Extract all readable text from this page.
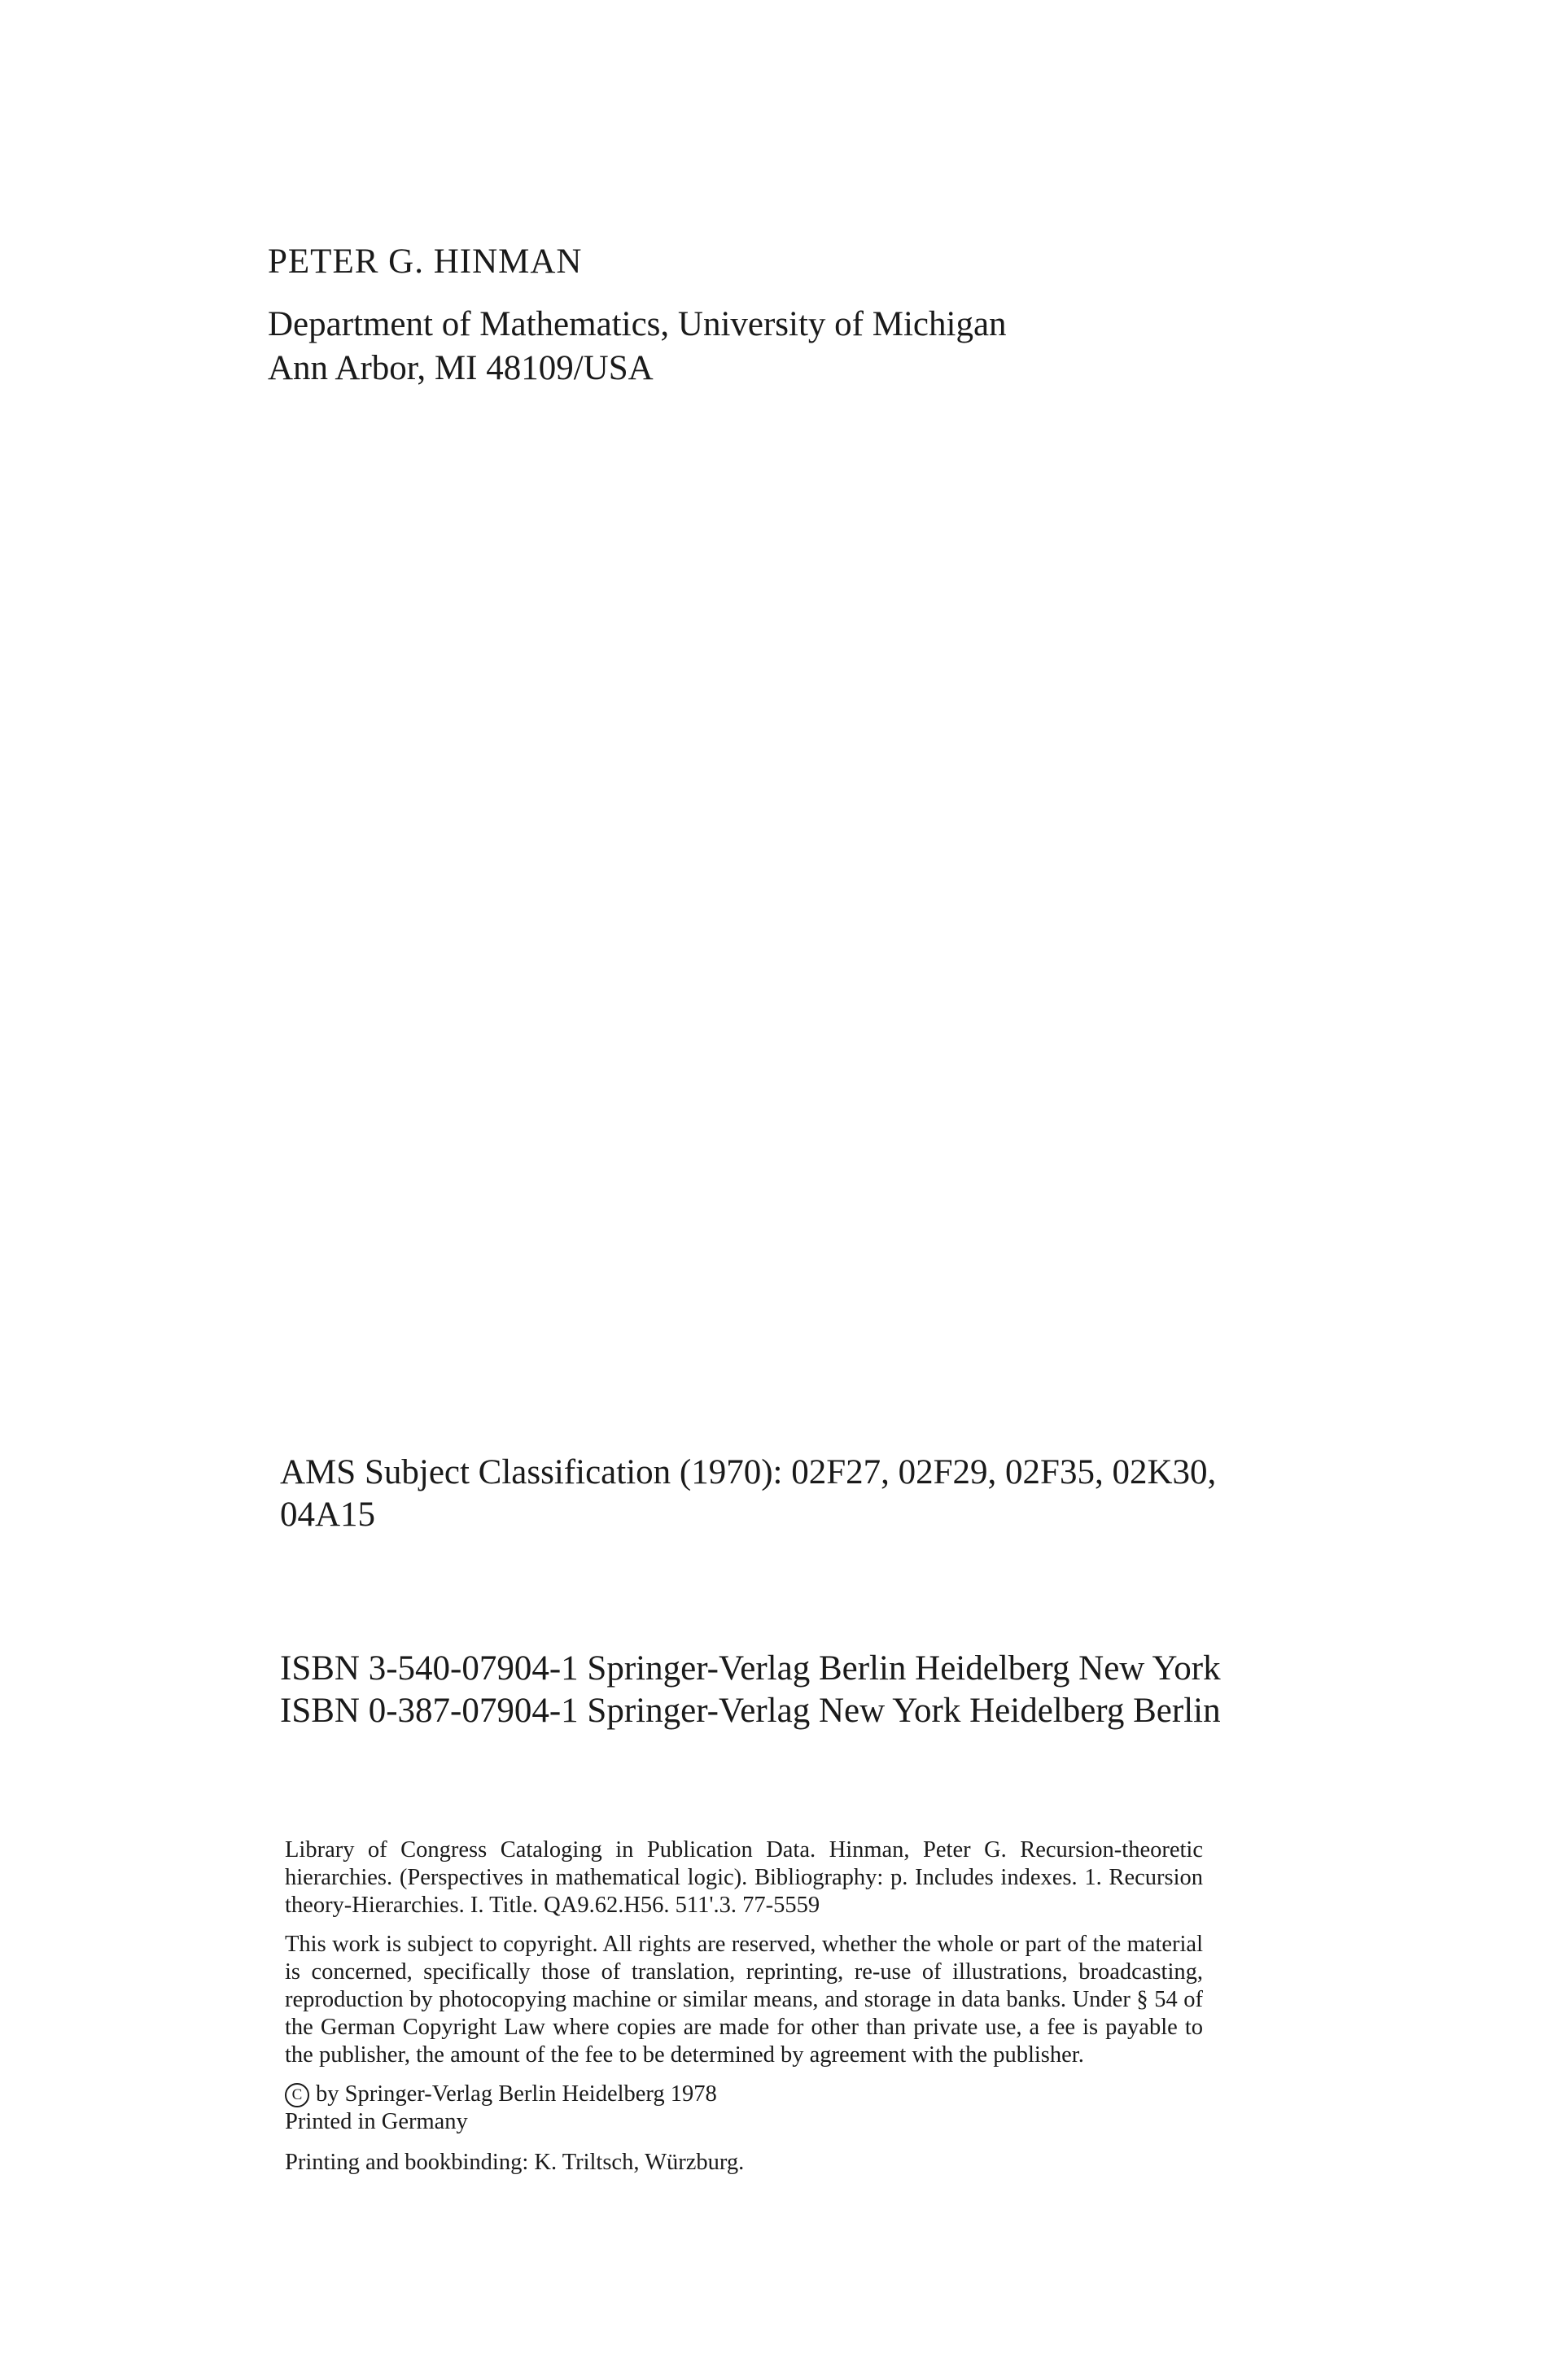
PETER G. HINMAN
Department of Mathematics, University of Michigan
Ann Arbor, MI 48109/USA
AMS Subject Classification (1970): 02F27, 02F29, 02F35, 02K30,
04A15
ISBN 3-540-07904-1 Springer-Verlag Berlin Heidelberg New York
ISBN 0-387-07904-1 Springer-Verlag New York Heidelberg Berlin

Library of Congress Cataloging in Publication Data. Hinman, Peter G. Recursion-theoretic hierarchies. (Perspectives in mathematical logic). Bibliography: p. Includes indexes. 1. Recursion theory-Hierarchies. I. Title. QA9.62.H56. 511'.3. 77-5559

This work is subject to copyright. All rights are reserved, whether the whole or part of the material is concerned, specifically those of translation, reprinting, re-use of illustrations, broadcasting, reproduction by photocopying machine or similar means, and storage in data banks. Under § 54 of the German Copyright Law where copies are made for other than private use, a fee is payable to the publisher, the amount of the fee to be determined by agreement with the publisher.

C by Springer-Verlag Berlin Heidelberg 1978
Printed in Germany
Printing and bookbinding: K. Triltsch, Würzburg.
